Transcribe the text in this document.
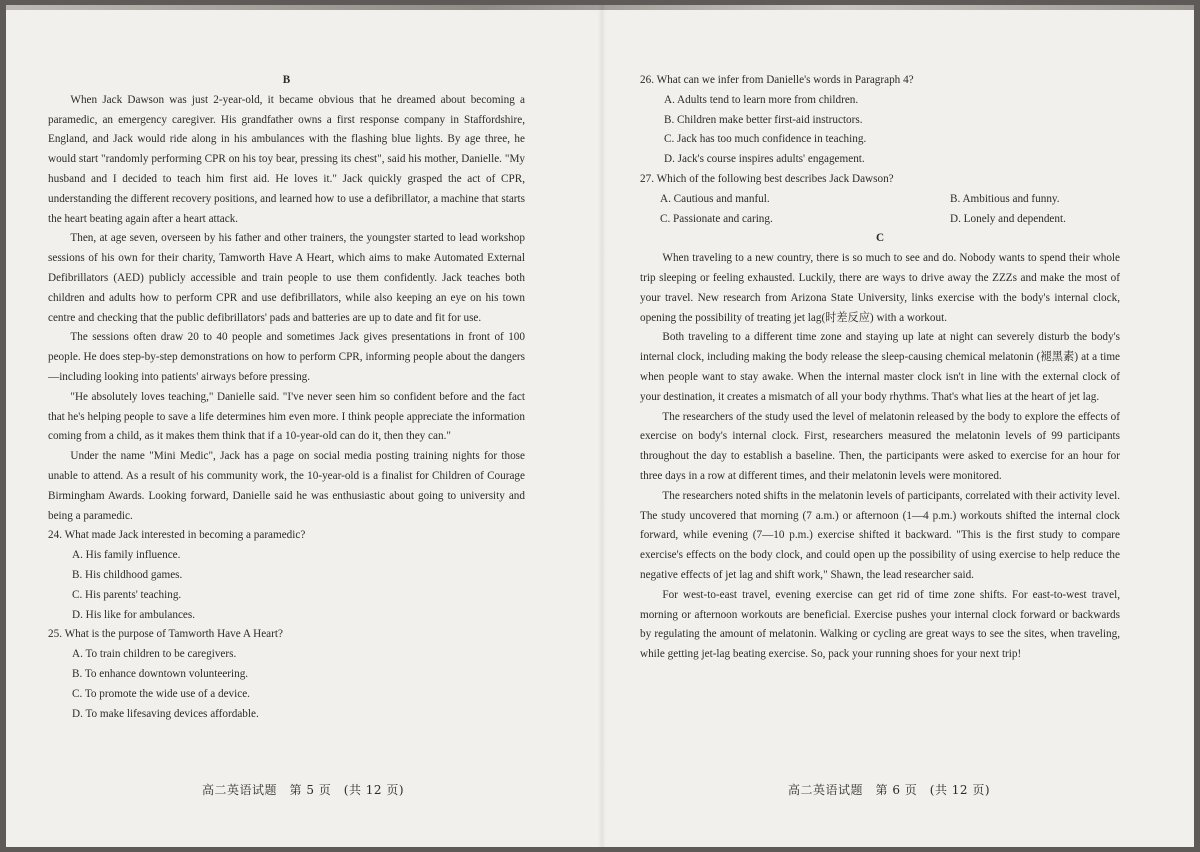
B

When Jack Dawson was just 2-year-old, it became obvious that he dreamed about becoming a paramedic, an emergency caregiver. His grandfather owns a first response company in Staffordshire, England, and Jack would ride along in his ambulances with the flashing blue lights. By age three, he would start "randomly performing CPR on his toy bear, pressing its chest", said his mother, Danielle. "My husband and I decided to teach him first aid. He loves it." Jack quickly grasped the act of CPR, understanding the different recovery positions, and learned how to use a defibrillator, a machine that starts the heart beating again after a heart attack.

Then, at age seven, overseen by his father and other trainers, the youngster started to lead workshop sessions of his own for their charity, Tamworth Have A Heart, which aims to make Automated External Defibrillators (AED) publicly accessible and train people to use them confidently. Jack teaches both children and adults how to perform CPR and use defibrillators, while also keeping an eye on his town centre and checking that the public defibrillators' pads and batteries are up to date and fit for use.

The sessions often draw 20 to 40 people and sometimes Jack gives presentations in front of 100 people. He does step-by-step demonstrations on how to perform CPR, informing people about the dangers—including looking into patients' airways before pressing.

"He absolutely loves teaching," Danielle said. "I've never seen him so confident before and the fact that he's helping people to save a life determines him even more. I think people appreciate the information coming from a child, as it makes them think that if a 10-year-old can do it, then they can."

Under the name "Mini Medic", Jack has a page on social media posting training nights for those unable to attend. As a result of his community work, the 10-year-old is a finalist for Children of Courage Birmingham Awards. Looking forward, Danielle said he was enthusiastic about going to university and being a paramedic.

24. What made Jack interested in becoming a paramedic?
A. His family influence.
B. His childhood games.
C. His parents' teaching.
D. His like for ambulances.
25. What is the purpose of Tamworth Have A Heart?
A. To train children to be caregivers.
B. To enhance downtown volunteering.
C. To promote the wide use of a device.
D. To make lifesaving devices affordable.
高二英语试题　第 5 页　(共 12 页)
26. What can we infer from Danielle's words in Paragraph 4?
A. Adults tend to learn more from children.
B. Children make better first-aid instructors.
C. Jack has too much confidence in teaching.
D. Jack's course inspires adults' engagement.
27. Which of the following best describes Jack Dawson?
A. Cautious and manful.	B. Ambitious and funny.
C. Passionate and caring.	D. Lonely and dependent.
C

When traveling to a new country, there is so much to see and do. Nobody wants to spend their whole trip sleeping or feeling exhausted. Luckily, there are ways to drive away the ZZZs and make the most of your travel. New research from Arizona State University, links exercise with the body's internal clock, opening the possibility of treating jet lag(时差反应) with a workout.

Both traveling to a different time zone and staying up late at night can severely disturb the body's internal clock, including making the body release the sleep-causing chemical melatonin (褪黑素) at a time when people want to stay awake. When the internal master clock isn't in line with the external clock of your destination, it creates a mismatch of all your body rhythms. That's what lies at the heart of jet lag.

The researchers of the study used the level of melatonin released by the body to explore the effects of exercise on body's internal clock. First, researchers measured the melatonin levels of 99 participants throughout the day to establish a baseline. Then, the participants were asked to exercise for an hour for three days in a row at different times, and their melatonin levels were monitored.

The researchers noted shifts in the melatonin levels of participants, correlated with their activity level. The study uncovered that morning (7 a.m.) or afternoon (1—4 p.m.) workouts shifted the internal clock forward, while evening (7—10 p.m.) exercise shifted it backward. "This is the first study to compare exercise's effects on the body clock, and could open up the possibility of using exercise to help reduce the negative effects of jet lag and shift work," Shawn, the lead researcher said.

For west-to-east travel, evening exercise can get rid of time zone shifts. For east-to-west travel, morning or afternoon workouts are beneficial. Exercise pushes your internal clock forward or backwards by regulating the amount of melatonin. Walking or cycling are great ways to see the sites, when traveling, while getting jet-lag beating exercise. So, pack your running shoes for your next trip!

高二英语试题　第 6 页　(共 12 页)
